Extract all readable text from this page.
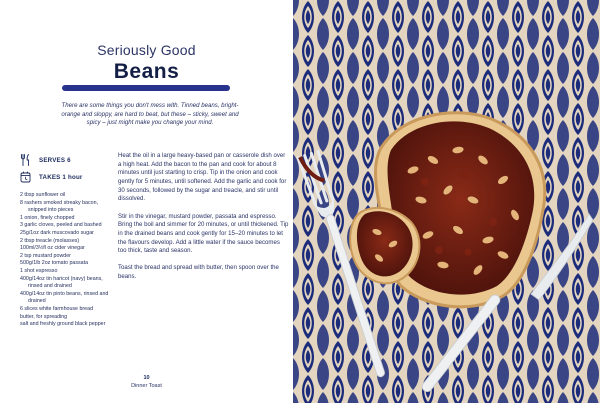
Seriously Good
Beans

There are some things you don't mess with. Tinned beans, bright-orange and sloppy, are hard to beat, but these – sticky, sweet and spicy – just might make you change your mind.

SERVES 6
TAKES 1 hour
2 tbsp sunflower oil
8 rashers smoked streaky bacon,
snipped into pieces
1 onion, finely chopped
3 garlic cloves, peeled and bashed
25g/1oz dark muscovado sugar
2 tbsp treacle (molasses)
100ml/3½fl oz cider vinegar
2 tsp mustard powder
500g/1lb 2oz tomato passata
1 shot espresso
400g/14oz tin haricot (navy) beans,
rinsed and drained
400g/14oz tin pinto beans, rinsed and
drained
6 slices white farmhouse bread
butter, for spreading
salt and freshly ground black pepper

Heat the oil in a large heavy-based pan or casserole dish over a high heat. Add the bacon to the pan and cook for about 8 minutes until just starting to crisp. Tip in the onion and cook gently for 5 minutes, until softened. Add the garlic and cook for 30 seconds, followed by the sugar and treacle, and stir until dissolved.

Stir in the vinegar, mustard powder, passata and espresso. Bring the boil and simmer for 20 minutes, or until thickened. Tip in the drained beans and cook gently for 15–20 minutes to let the flavours develop. Add a little water if the sauce becomes too thick, taste and season.

Toast the bread and spread with butter, then spoon over the beans.

10
Dinner Toast
